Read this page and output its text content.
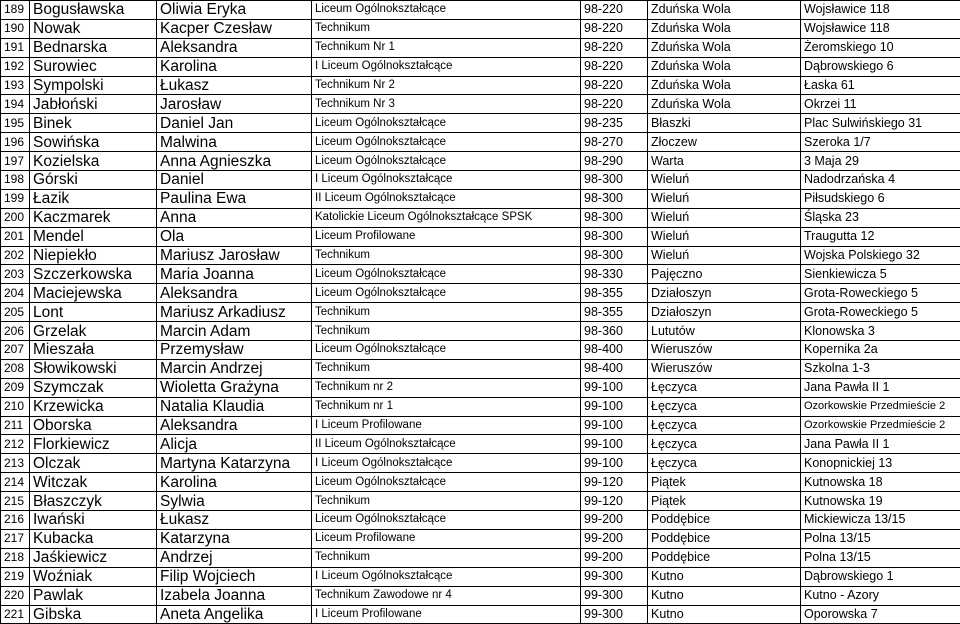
189	Bogusławska	Oliwia Eryka	Liceum Ogólnokształcące	98-220	Zduńska Wola	Wojsławice 118
190	Nowak	Kacper Czesław	Technikum	98-220	Zduńska Wola	Wojsławice 118
191	Bednarska	Aleksandra	Technikum Nr 1	98-220	Zduńska Wola	Żeromskiego 10
192	Surowiec	Karolina	I Liceum Ogólnokształcące	98-220	Zduńska Wola	Dąbrowskiego 6
193	Sympolski	Łukasz	Technikum Nr 2	98-220	Zduńska Wola	Łaska 61
194	Jabłoński	Jarosław	Technikum Nr 3	98-220	Zduńska Wola	Okrzei 11
195	Binek	Daniel Jan	Liceum Ogólnokształcące	98-235	Błaszki	Plac Sulwińskiego 31
196	Sowińska	Malwina	Liceum Ogólnokształcące	98-270	Złoczew	Szeroka 1/7
197	Kozielska	Anna Agnieszka	Liceum Ogólnokształcące	98-290	Warta	3 Maja 29
198	Górski	Daniel	I Liceum Ogólnokształcące	98-300	Wieluń	Nadodrzańska 4
199	Łazik	Paulina Ewa	II Liceum Ogólnokształcące	98-300	Wieluń	Piłsudskiego 6
200	Kaczmarek	Anna	Katolickie Liceum Ogólnokształcące SPSK	98-300	Wieluń	Śląska 23
201	Mendel	Ola	Liceum Profilowane	98-300	Wieluń	Traugutta 12
202	Niepiekło	Mariusz Jarosław	Technikum	98-300	Wieluń	Wojska Polskiego 32
203	Szczerkowska	Maria Joanna	Liceum Ogólnokształcące	98-330	Pajęczno	Sienkiewicza 5
204	Maciejewska	Aleksandra	Liceum Ogólnokształcące	98-355	Działoszyn	Grota-Roweckiego 5
205	Lont	Mariusz Arkadiusz	Technikum	98-355	Działoszyn	Grota-Roweckiego 5
206	Grzelak	Marcin Adam	Technikum	98-360	Lututów	Klonowska 3
207	Mieszała	Przemysław	Liceum Ogólnokształcące	98-400	Wieruszów	Kopernika 2a
208	Słowikowski	Marcin Andrzej	Technikum	98-400	Wieruszów	Szkolna 1-3
209	Szymczak	Wioletta Grażyna	Technikum nr 2	99-100	Łęczyca	Jana Pawła II 1
210	Krzewicka	Natalia Klaudia	Technikum nr 1	99-100	Łęczyca	Ozorkowskie Przedmieście 2
211	Oborska	Aleksandra	I Liceum Profilowane	99-100	Łęczyca	Ozorkowskie Przedmieście 2
212	Florkiewicz	Alicja	II Liceum Ogólnokształcące	99-100	Łęczyca	Jana Pawła II 1
213	Olczak	Martyna Katarzyna	I Liceum Ogólnokształcące	99-100	Łęczyca	Konopnickiej 13
214	Witczak	Karolina	Liceum Ogólnokształcące	99-120	Piątek	Kutnowska 18
215	Błaszczyk	Sylwia	Technikum	99-120	Piątek	Kutnowska 19
216	Iwański	Łukasz	Liceum Ogólnokształcące	99-200	Poddębice	Mickiewicza 13/15
217	Kubacka	Katarzyna	Liceum Profilowane	99-200	Poddębice	Polna 13/15
218	Jaśkiewicz	Andrzej	Technikum	99-200	Poddębice	Polna 13/15
219	Woźniak	Filip Wojciech	I Liceum Ogólnokształcące	99-300	Kutno	Dąbrowskiego 1
220	Pawlak	Izabela Joanna	Technikum Zawodowe nr 4	99-300	Kutno	Kutno - Azory
221	Gibska	Aneta Angelika	I Liceum Profilowane	99-300	Kutno	Oporowska 7
